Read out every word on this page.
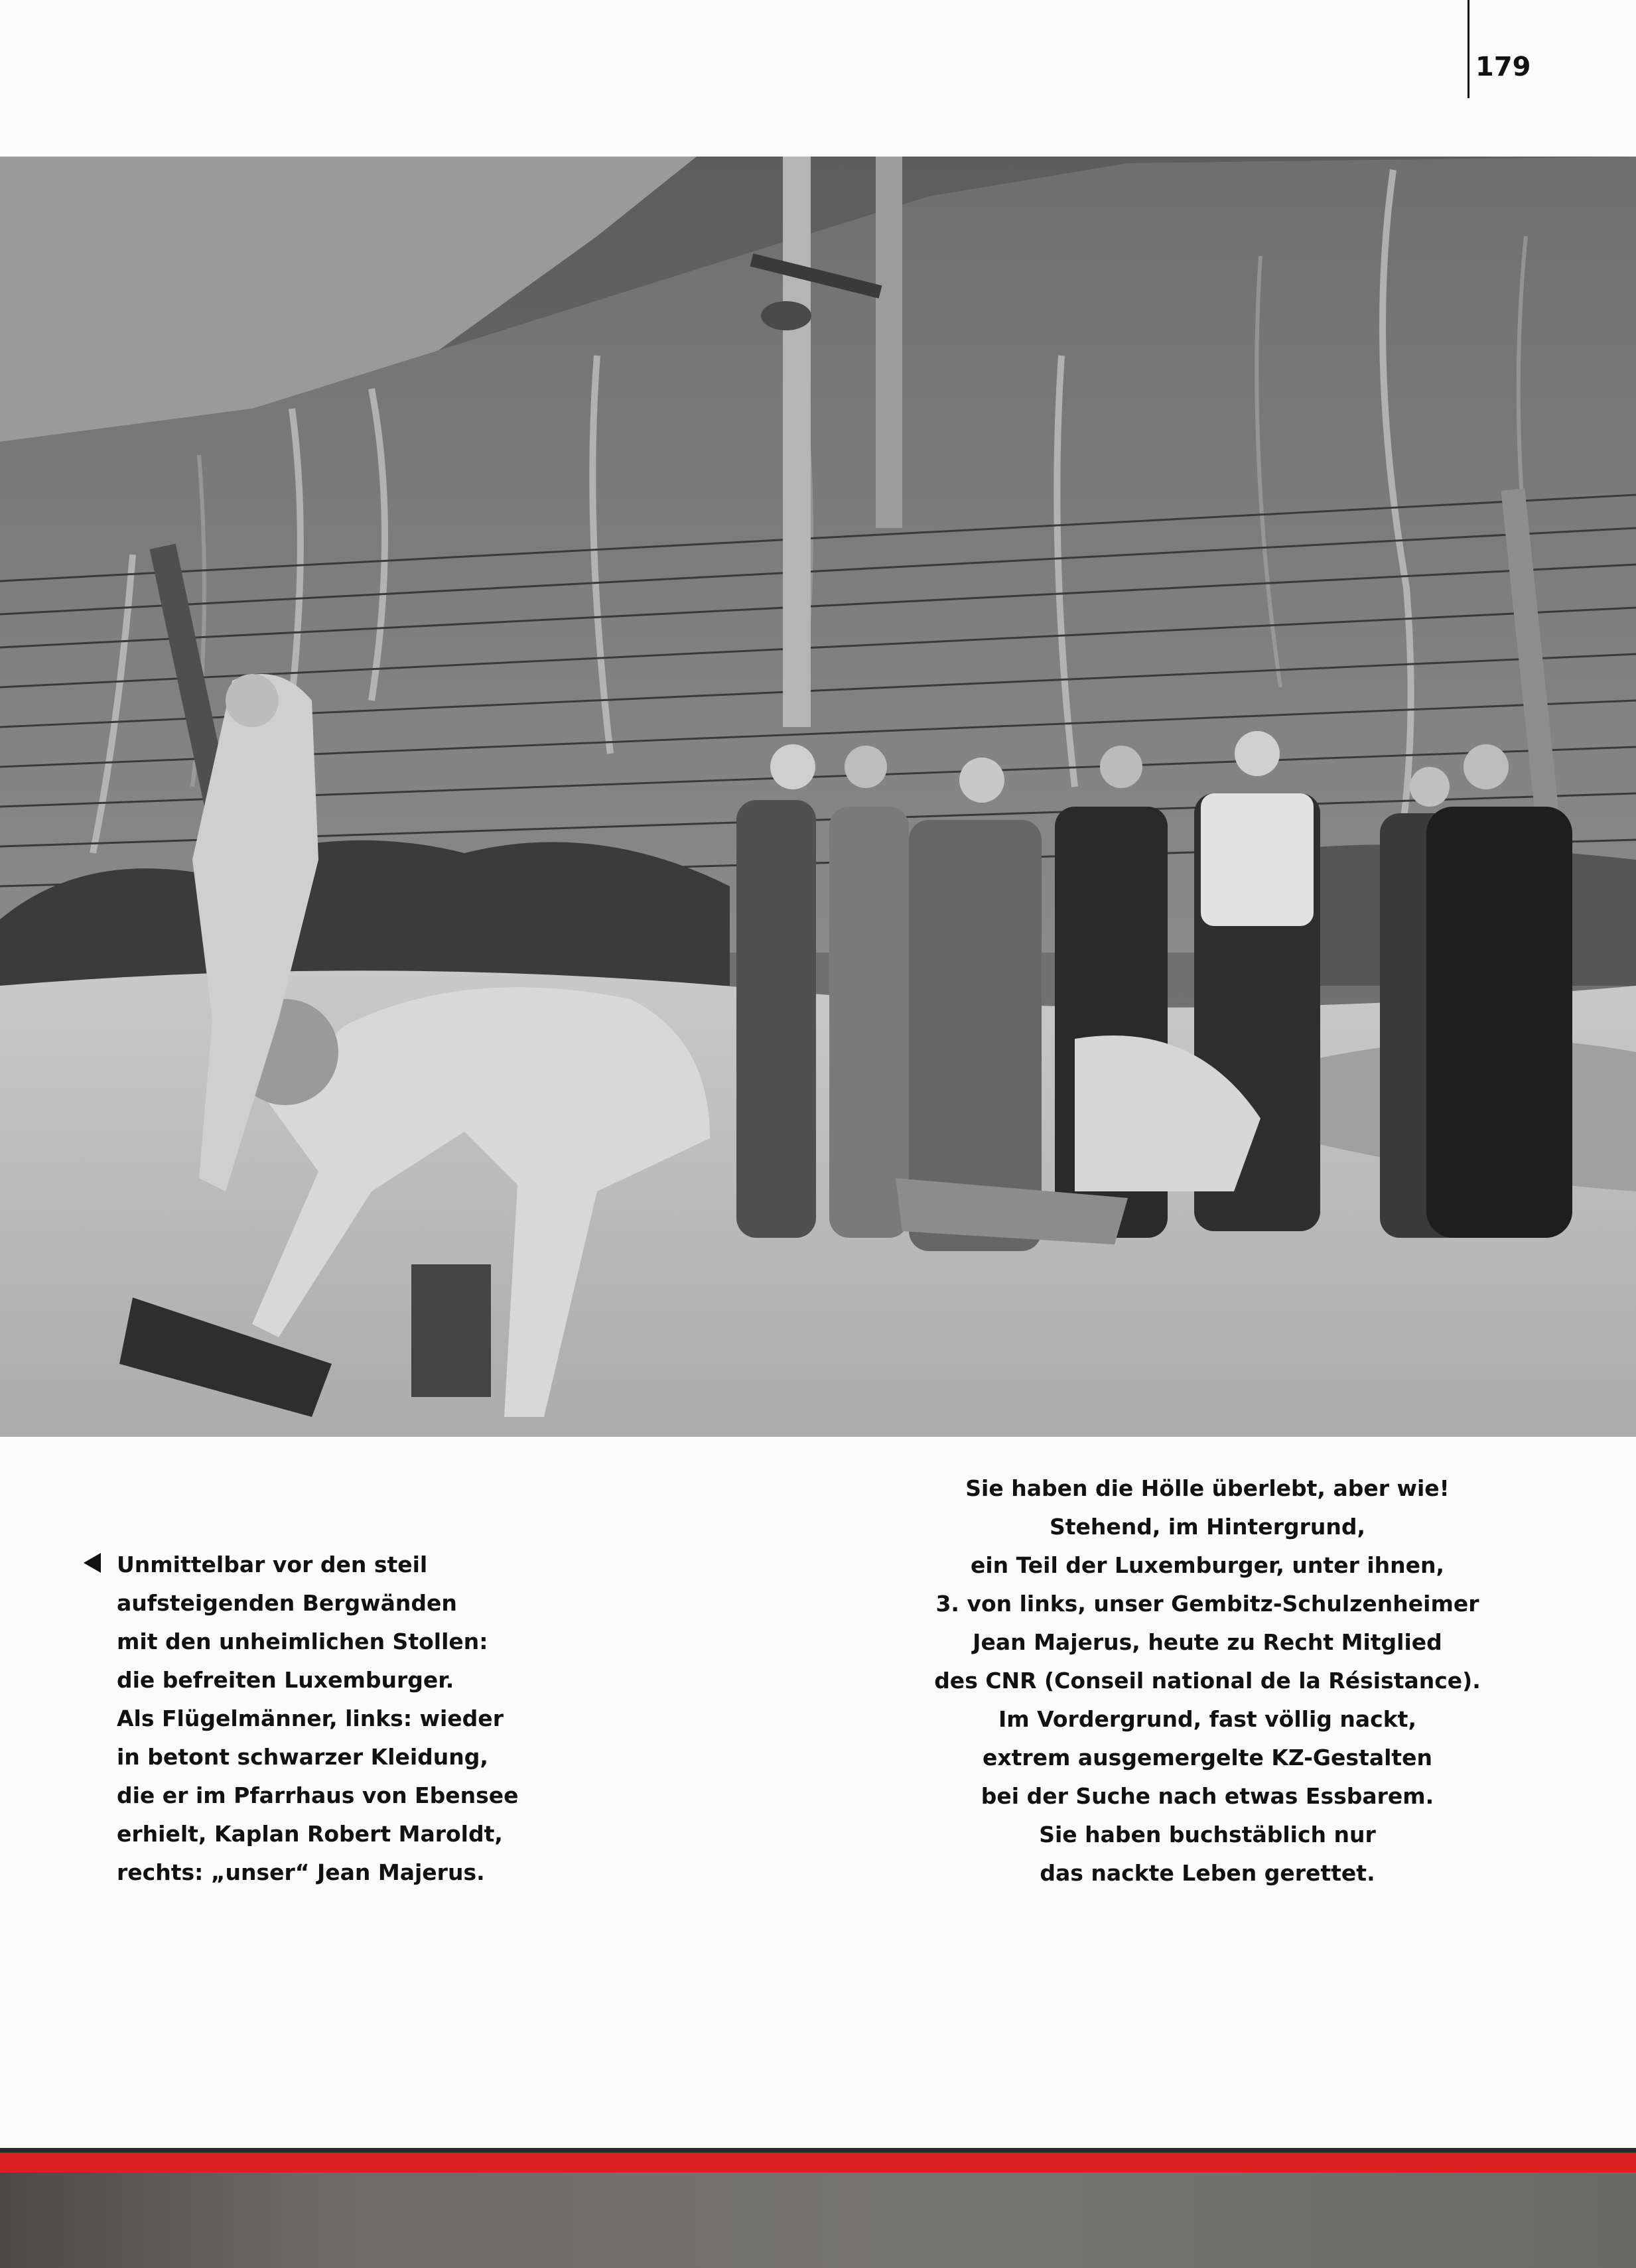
179
Unmittelbar vor den steil
aufsteigenden Bergwänden
mit den unheimlichen Stollen:
die befreiten Luxemburger.
Als Flügelmänner, links: wieder
in betont schwarzer Kleidung,
die er im Pfarrhaus von Ebensee
erhielt, Kaplan Robert Maroldt,
rechts: „unser“ Jean Majerus.
Sie haben die Hölle überlebt, aber wie!
Stehend, im Hintergrund,
ein Teil der Luxemburger, unter ihnen,
3. von links, unser Gembitz-Schulzenheimer
Jean Majerus, heute zu Recht Mitglied
des CNR (Conseil national de la Résistance).
Im Vordergrund, fast völlig nackt,
extrem ausgemergelte KZ-Gestalten
bei der Suche nach etwas Essbarem.
Sie haben buchstäblich nur
das nackte Leben gerettet.
